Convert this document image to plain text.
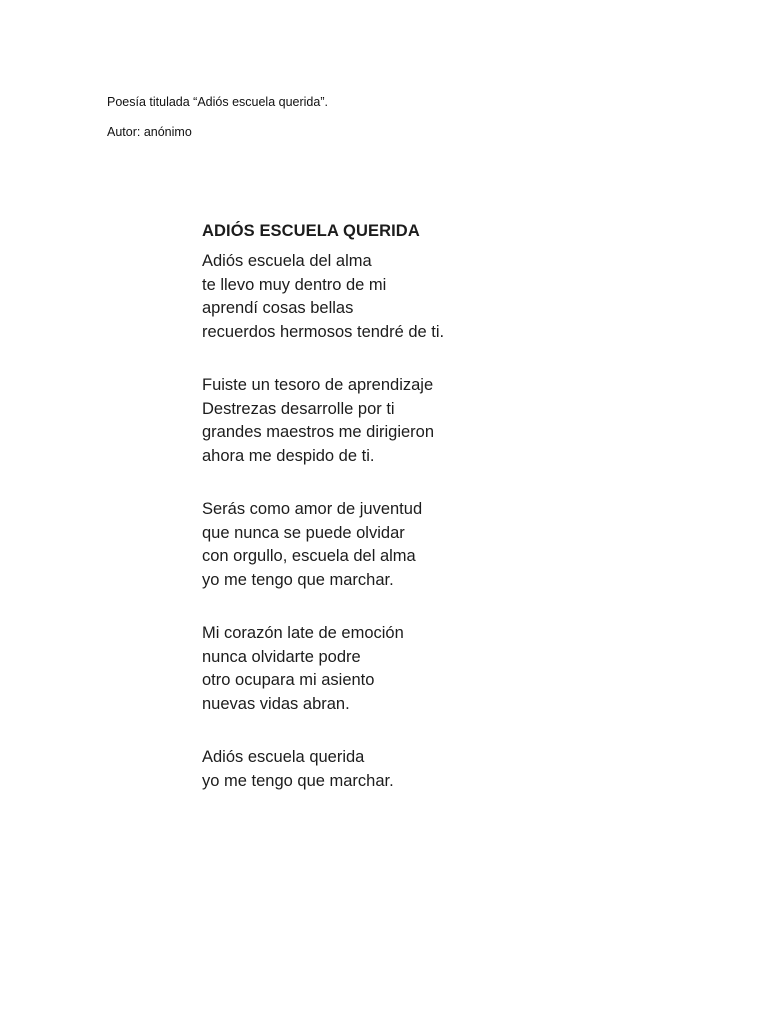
Poesía titulada “Adiós escuela querida”.

Autor: anónimo

ADIÓS ESCUELA QUERIDA
Adiós escuela del alma
te llevo muy dentro de mi
aprendí cosas bellas
recuerdos hermosos tendré de ti.
Fuiste un tesoro de aprendizaje
Destrezas desarrolle por ti
grandes maestros me dirigieron
ahora me despido de ti.
Serás como amor de juventud
que nunca se puede olvidar
con orgullo, escuela del alma
yo me tengo que marchar.
Mi corazón late de emoción
nunca olvidarte podre
otro ocupara mi asiento
nuevas vidas abran.
Adiós escuela querida
yo me tengo que marchar.
